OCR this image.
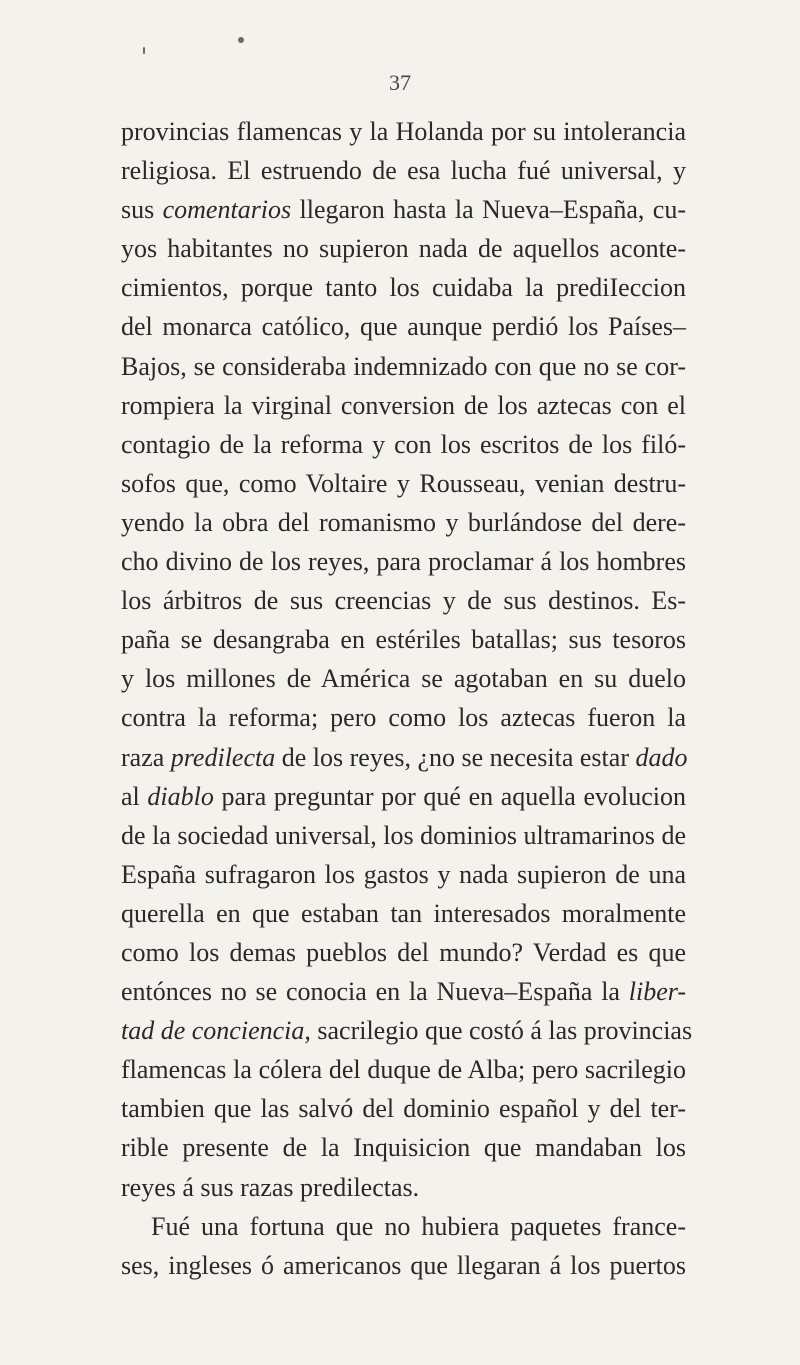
37
provincias flamencas y la Holanda por su intolerancia
religiosa. El estruendo de esa lucha fué universal, y
sus comentarios llegaron hasta la Nueva–España, cu-
yos habitantes no supieron nada de aquellos aconte-
cimientos, porque tanto los cuidaba la prediIeccion
del monarca católico, que aunque perdió los Países–
Bajos, se consideraba indemnizado con que no se cor-
rompiera la virginal conversion de los aztecas con el
contagio de la reforma y con los escritos de los filó-
sofos que, como Voltaire y Rousseau, venian destru-
yendo la obra del romanismo y burlándose del dere-
cho divino de los reyes, para proclamar á los hombres
los árbitros de sus creencias y de sus destinos. Es-
paña se desangraba en estériles batallas; sus tesoros
y los millones de América se agotaban en su duelo
contra la reforma; pero como los aztecas fueron la
raza predilecta de los reyes, ¿no se necesita estar dado
al diablo para preguntar por qué en aquella evolucion
de la sociedad universal, los dominios ultramarinos de
España sufragaron los gastos y nada supieron de una
querella en que estaban tan interesados moralmente
como los demas pueblos del mundo? Verdad es que
entónces no se conocia en la Nueva–España la liber-
tad de conciencia, sacrilegio que costó á las provincias
flamencas la cólera del duque de Alba; pero sacrilegio
tambien que las salvó del dominio español y del ter-
rible presente de la Inquisicion que mandaban los
reyes á sus razas predilectas.
Fué una fortuna que no hubiera paquetes france-
ses, ingleses ó americanos que llegaran á los puertos
